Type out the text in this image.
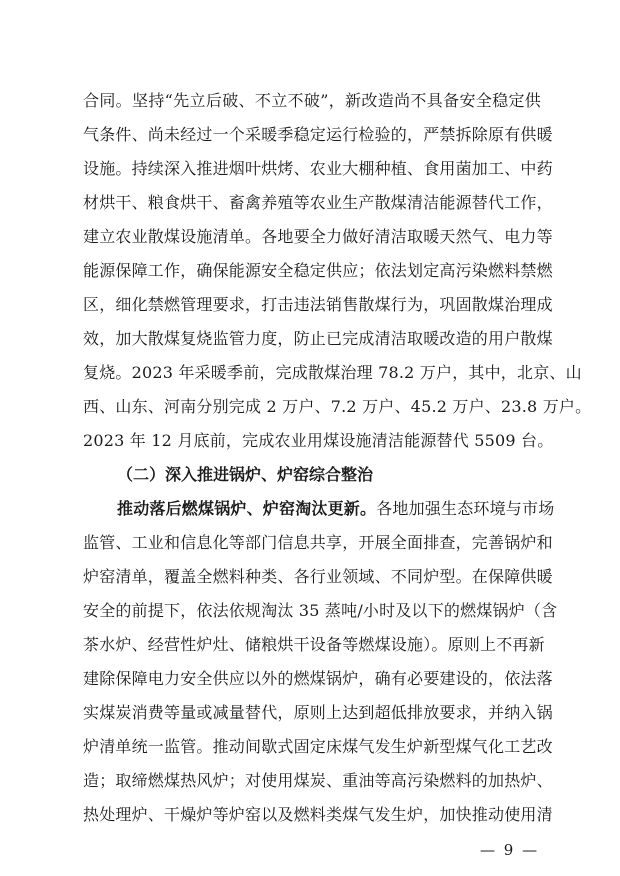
合同。坚持“先立后破、不立不破”，新改造尚不具备安全稳定供
气条件、尚未经过一个采暖季稳定运行检验的，严禁拆除原有供暖
设施。持续深入推进烟叶烘烤、农业大棚种植、食用菌加工、中药
材烘干、粮食烘干、畜禽养殖等农业生产散煤清洁能源替代工作，
建立农业散煤设施清单。各地要全力做好清洁取暖天然气、电力等
能源保障工作，确保能源安全稳定供应；依法划定高污染燃料禁燃
区，细化禁燃管理要求，打击违法销售散煤行为，巩固散煤治理成
效，加大散煤复烧监管力度，防止已完成清洁取暖改造的用户散煤
复烧。2023 年采暖季前，完成散煤治理 78.2 万户，其中，北京、山
西、山东、河南分别完成 2 万户、7.2 万户、45.2 万户、23.8 万户。
2023 年 12 月底前，完成农业用煤设施清洁能源替代 5509 台。
（二）深入推进锅炉、炉窑综合整治
推动落后燃煤锅炉、炉窑淘汰更新。各地加强生态环境与市场
监管、工业和信息化等部门信息共享，开展全面排查，完善锅炉和
炉窑清单，覆盖全燃料种类、各行业领域、不同炉型。在保障供暖
安全的前提下，依法依规淘汰 35 蒸吨/小时及以下的燃煤锅炉（含
茶水炉、经营性炉灶、储粮烘干设备等燃煤设施）。原则上不再新
建除保障电力安全供应以外的燃煤锅炉，确有必要建设的，依法落
实煤炭消费等量或减量替代，原则上达到超低排放要求，并纳入锅
炉清单统一监管。推动间歇式固定床煤气发生炉新型煤气化工艺改
造；取缔燃煤热风炉；对使用煤炭、重油等高污染燃料的加热炉、
热处理炉、干燥炉等炉窑以及燃料类煤气发生炉，加快推动使用清
— 9 —
